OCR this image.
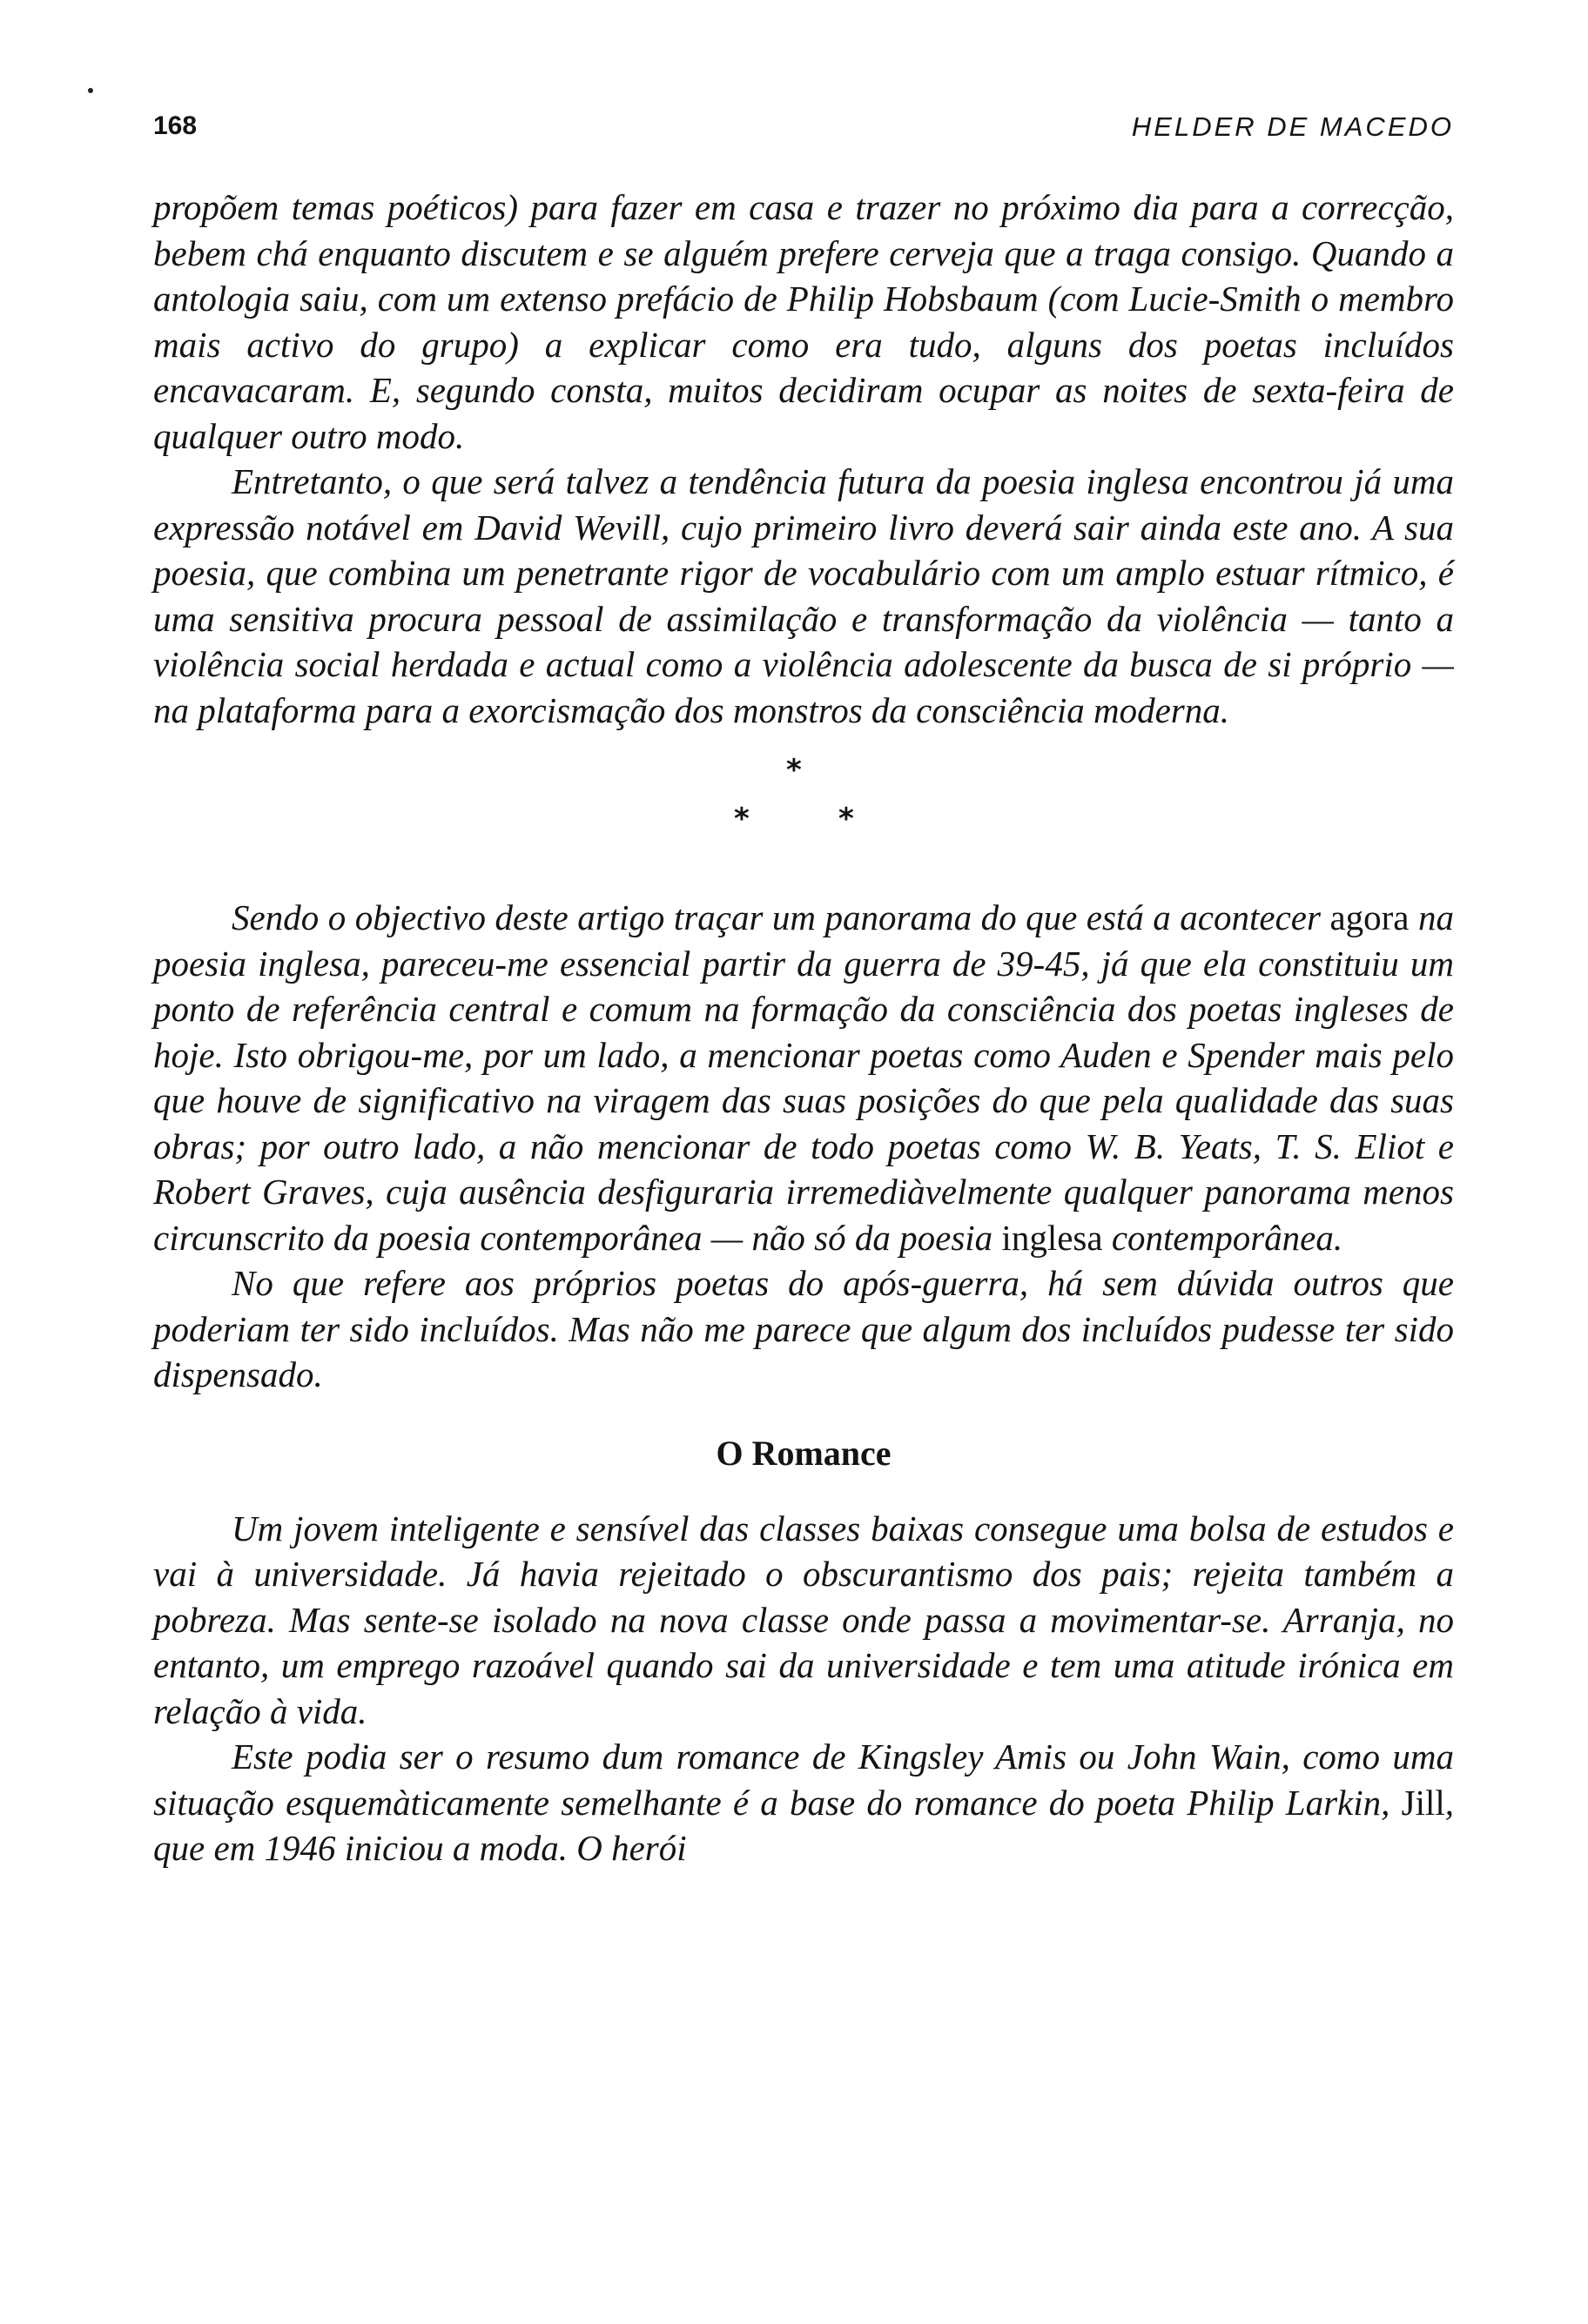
168	HELDER DE MACEDO

propõem temas poéticos) para fazer em casa e trazer no próximo dia para a correcção, bebem chá enquanto discutem e se alguém prefere cerveja que a traga consigo. Quando a antologia saiu, com um extenso prefácio de Philip Hobsbaum (com Lucie-Smith o membro mais activo do grupo) a explicar como era tudo, alguns dos poetas incluídos encavacaram. E, segundo consta, muitos decidiram ocupar as noites de sexta-feira de qualquer outro modo.

Entretanto, o que será talvez a tendência futura da poesia inglesa encontrou já uma expressão notável em David Wevill, cujo primeiro livro deverá sair ainda este ano. A sua poesia, que combina um penetrante rigor de vocabulário com um amplo estuar rítmico, é uma sensitiva procura pessoal de assimilação e transformação da violência — tanto a violência social herdada e actual como a violência adolescente da busca de si próprio — na plataforma para a exorcismação dos monstros da consciência moderna.

*
*	*

Sendo o objectivo deste artigo traçar um panorama do que está a acontecer agora na poesia inglesa, pareceu-me essencial partir da guerra de 39-45, já que ela constituiu um ponto de referência central e comum na formação da consciência dos poetas ingleses de hoje. Isto obrigou-me, por um lado, a mencionar poetas como Auden e Spender mais pelo que houve de significativo na viragem das suas posições do que pela qualidade das suas obras; por outro lado, a não mencionar de todo poetas como W. B. Yeats, T. S. Eliot e Robert Graves, cuja ausência desfiguraria irremediàvelmente qualquer panorama menos circunscrito da poesia contemporânea — não só da poesia inglesa contemporânea.

No que refere aos próprios poetas do após-guerra, há sem dúvida outros que poderiam ter sido incluídos. Mas não me parece que algum dos incluídos pudesse ter sido dispensado.

O Romance

Um jovem inteligente e sensível das classes baixas consegue uma bolsa de estudos e vai à universidade. Já havia rejeitado o obscurantismo dos pais; rejeita também a pobreza. Mas sente-se isolado na nova classe onde passa a movimentar-se. Arranja, no entanto, um emprego razoável quando sai da universidade e tem uma atitude irónica em relação à vida.

Este podia ser o resumo dum romance de Kingsley Amis ou John Wain, como uma situação esquemàticamente semelhante é a base do romance do poeta Philip Larkin, Jill, que em 1946 iniciou a moda. O herói
